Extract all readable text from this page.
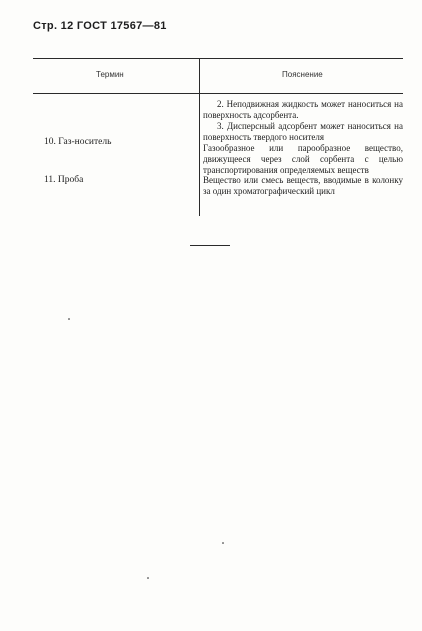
Стр. 12 ГОСТ 17567—81
Термин	Пояснение
2. Неподвижная жидкость может наноситься на поверхность адсорбента.
3. Дисперсный адсорбент может наноситься на поверхность твердого носителя
10. Газ-носитель
Газообразное или парообразное вещество, движущееся через слой сорбента с целью транспортирования определяемых веществ
11. Проба	Вещество или смесь веществ, вводимые в колонку за один хроматографический цикл
